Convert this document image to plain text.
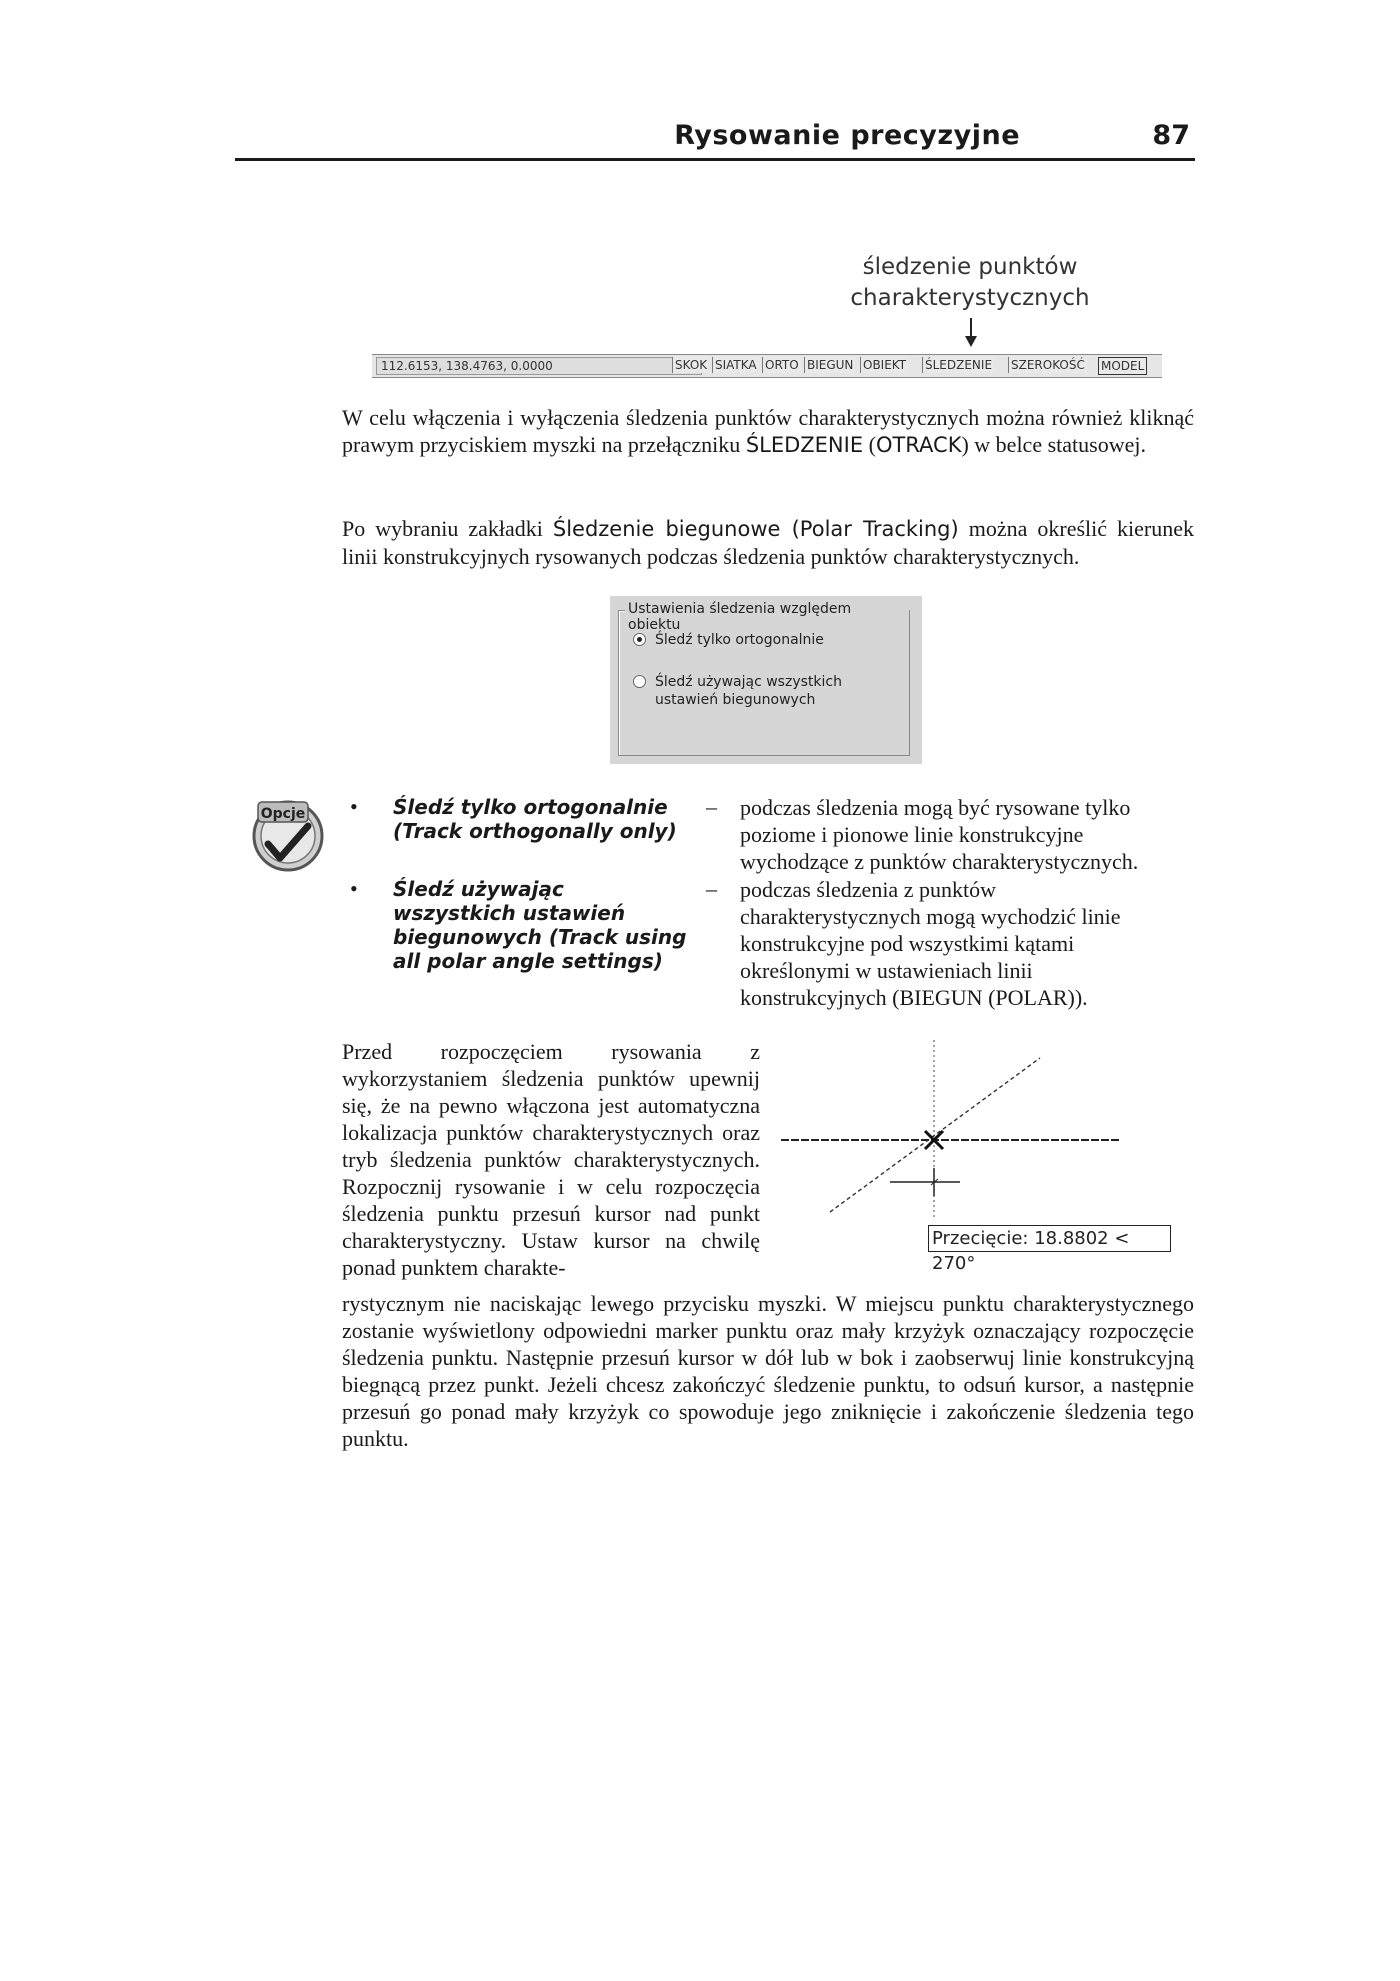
Rysowanie precyzyjne	87
śledzenie punktów
charakterystycznych
112.6153, 138.4763, 0.0000	SKOK SIATKA ORTO BIEGUN OBIEKT ŚLEDZENIE SZEROKOŚĆ MODEL
W celu włączenia i wyłączenia śledzenia punktów charakterystycznych można również kliknąć prawym przyciskiem myszki na przełączniku ŚLEDZENIE (OTRACK) w belce statusowej.
Po wybraniu zakładki Śledzenie biegunowe (Polar Tracking) można określić kierunek linii konstrukcyjnych rysowanych podczas śledzenia punktów charakterystycznych.
Ustawienia śledzenia względem obiektu
Śledź tylko ortogonalnie
Śledź używając wszystkich ustawień biegunowych
Opcje • Śledź tylko ortogonalnie (Track orthogonally only)
– podczas śledzenia mogą być rysowane tylko poziome i pionowe linie konstrukcyjne wychodzące z punktów charakterystycznych.
• Śledź używając wszystkich ustawień biegunowych (Track using all polar angle settings)
– podczas śledzenia z punktów charakterystycznych mogą wychodzić linie konstrukcyjne pod wszystkimi kątami określonymi w ustawieniach linii konstrukcyjnych (BIEGUN (POLAR)).
Przed rozpoczęciem rysowania z wykorzystaniem śledzenia punktów upewnij się, że na pewno włączona jest automatyczna lokalizacja punktów charakterystycznych oraz tryb śledzenia punktów charakterystycznych. Rozpocznij rysowanie i w celu rozpoczęcia śledzenia punktu przesuń kursor nad punkt charakterystyczny. Ustaw kursor na chwilę ponad punktem charakte-
Przecięcie: 18.8802 < 270°
rystycznym nie naciskając lewego przycisku myszki. W miejscu punktu charakterystycznego zostanie wyświetlony odpowiedni marker punktu oraz mały krzyżyk oznaczający rozpoczęcie śledzenia punktu. Następnie przesuń kursor w dół lub w bok i zaobserwuj linie konstrukcyjną biegnącą przez punkt. Jeżeli chcesz zakończyć śledzenie punktu, to odsuń kursor, a następnie przesuń go ponad mały krzyżyk co spowoduje jego zniknięcie i zakończenie śledzenia tego punktu.
